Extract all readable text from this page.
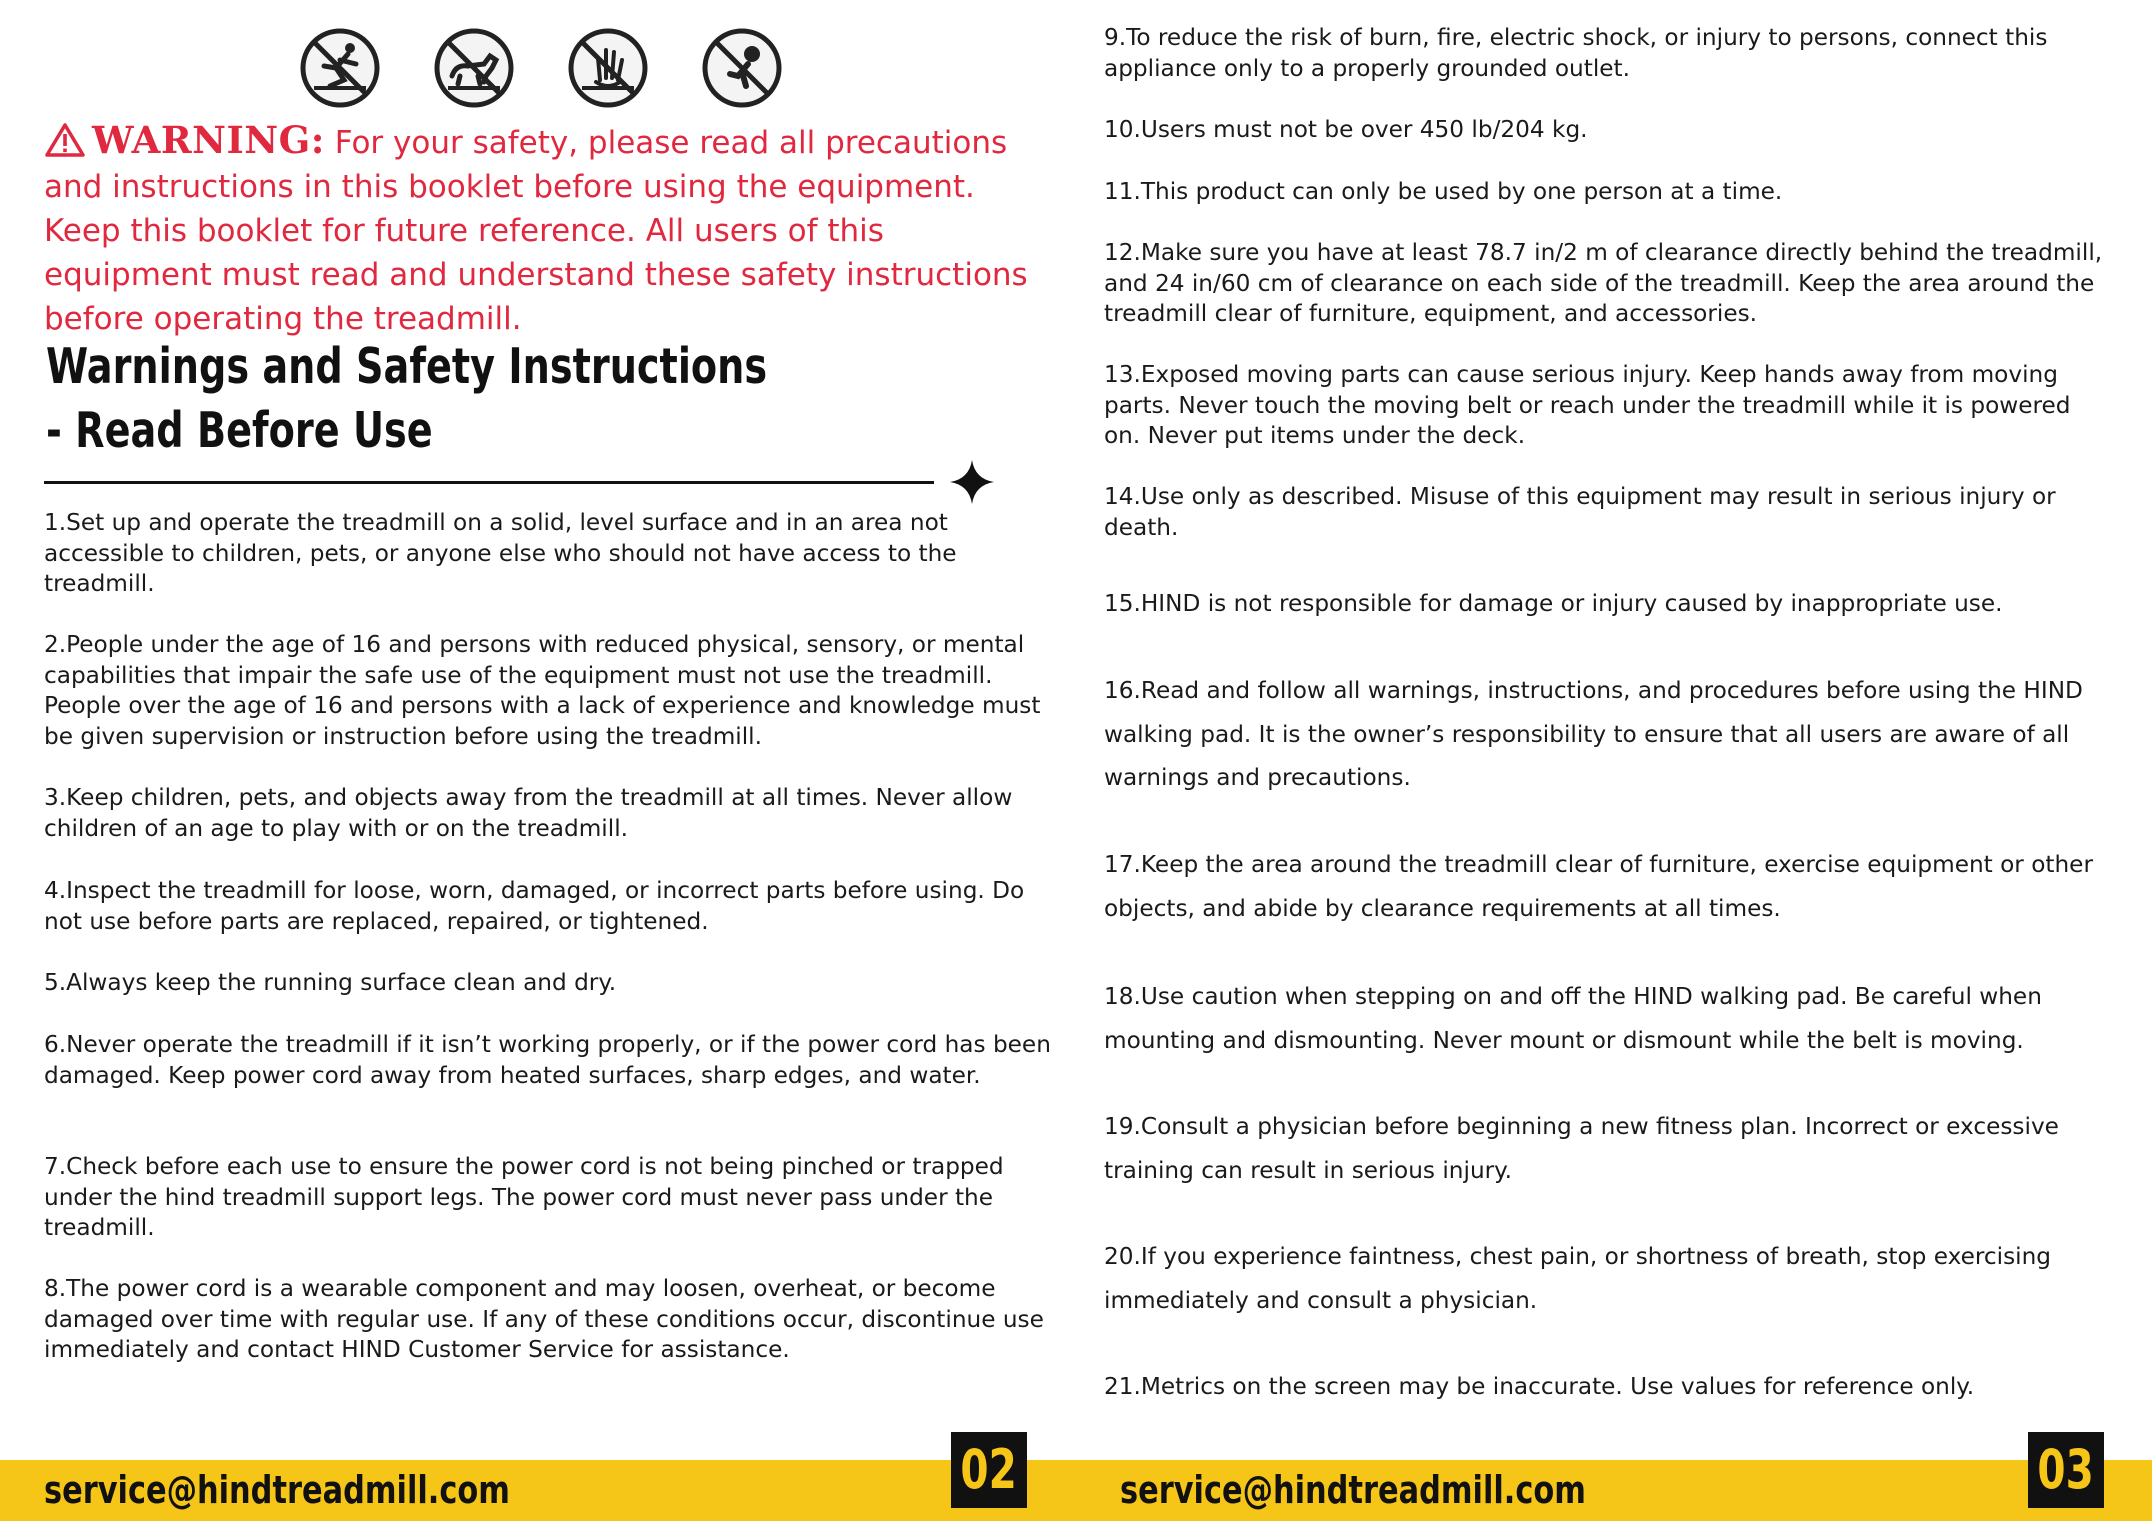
WARNING: For your safety, please read all precautions and instructions in this booklet before using the equipment. Keep this booklet for future reference. All users of this equipment must read and understand these safety instructions before operating the treadmill.
Warnings and Safety Instructions
- Read Before Use
1.Set up and operate the treadmill on a solid, level surface and in an area not accessible to children, pets, or anyone else who should not have access to the treadmill.
2.People under the age of 16 and persons with reduced physical, sensory, or mental capabilities that impair the safe use of the equipment must not use the treadmill. People over the age of 16 and persons with a lack of experience and knowledge must be given supervision or instruction before using the treadmill.
3.Keep children, pets, and objects away from the treadmill at all times. Never allow children of an age to play with or on the treadmill.
4.Inspect the treadmill for loose, worn, damaged, or incorrect parts before using. Do not use before parts are replaced, repaired, or tightened.
5.Always keep the running surface clean and dry.
6.Never operate the treadmill if it isn’t working properly, or if the power cord has been damaged. Keep power cord away from heated surfaces, sharp edges, and water.
7.Check before each use to ensure the power cord is not being pinched or trapped under the hind treadmill support legs. The power cord must never pass under the treadmill.
8.The power cord is a wearable component and may loosen, overheat, or become damaged over time with regular use. If any of these conditions occur, discontinue use immediately and contact HIND Customer Service for assistance.
service@hindtreadmill.com	02
9.To reduce the risk of burn, fire, electric shock, or injury to persons, connect this appliance only to a properly grounded outlet.
10.Users must not be over 450 lb/204 kg.
11.This product can only be used by one person at a time.
12.Make sure you have at least 78.7 in/2 m of clearance directly behind the treadmill, and 24 in/60 cm of clearance on each side of the treadmill. Keep the area around the treadmill clear of furniture, equipment, and accessories.
13.Exposed moving parts can cause serious injury. Keep hands away from moving parts. Never touch the moving belt or reach under the treadmill while it is powered on. Never put items under the deck.
14.Use only as described. Misuse of this equipment may result in serious injury or death.
15.HIND is not responsible for damage or injury caused by inappropriate use.
16.Read and follow all warnings, instructions, and procedures before using the HIND walking pad. It is the owner’s responsibility to ensure that all users are aware of all warnings and precautions.
17.Keep the area around the treadmill clear of furniture, exercise equipment or other objects, and abide by clearance requirements at all times.
18.Use caution when stepping on and off the HIND walking pad. Be careful when mounting and dismounting. Never mount or dismount while the belt is moving.
19.Consult a physician before beginning a new fitness plan. Incorrect or excessive training can result in serious injury.
20.If you experience faintness, chest pain, or shortness of breath, stop exercising immediately and consult a physician.
21.Metrics on the screen may be inaccurate. Use values for reference only.
service@hindtreadmill.com	03
